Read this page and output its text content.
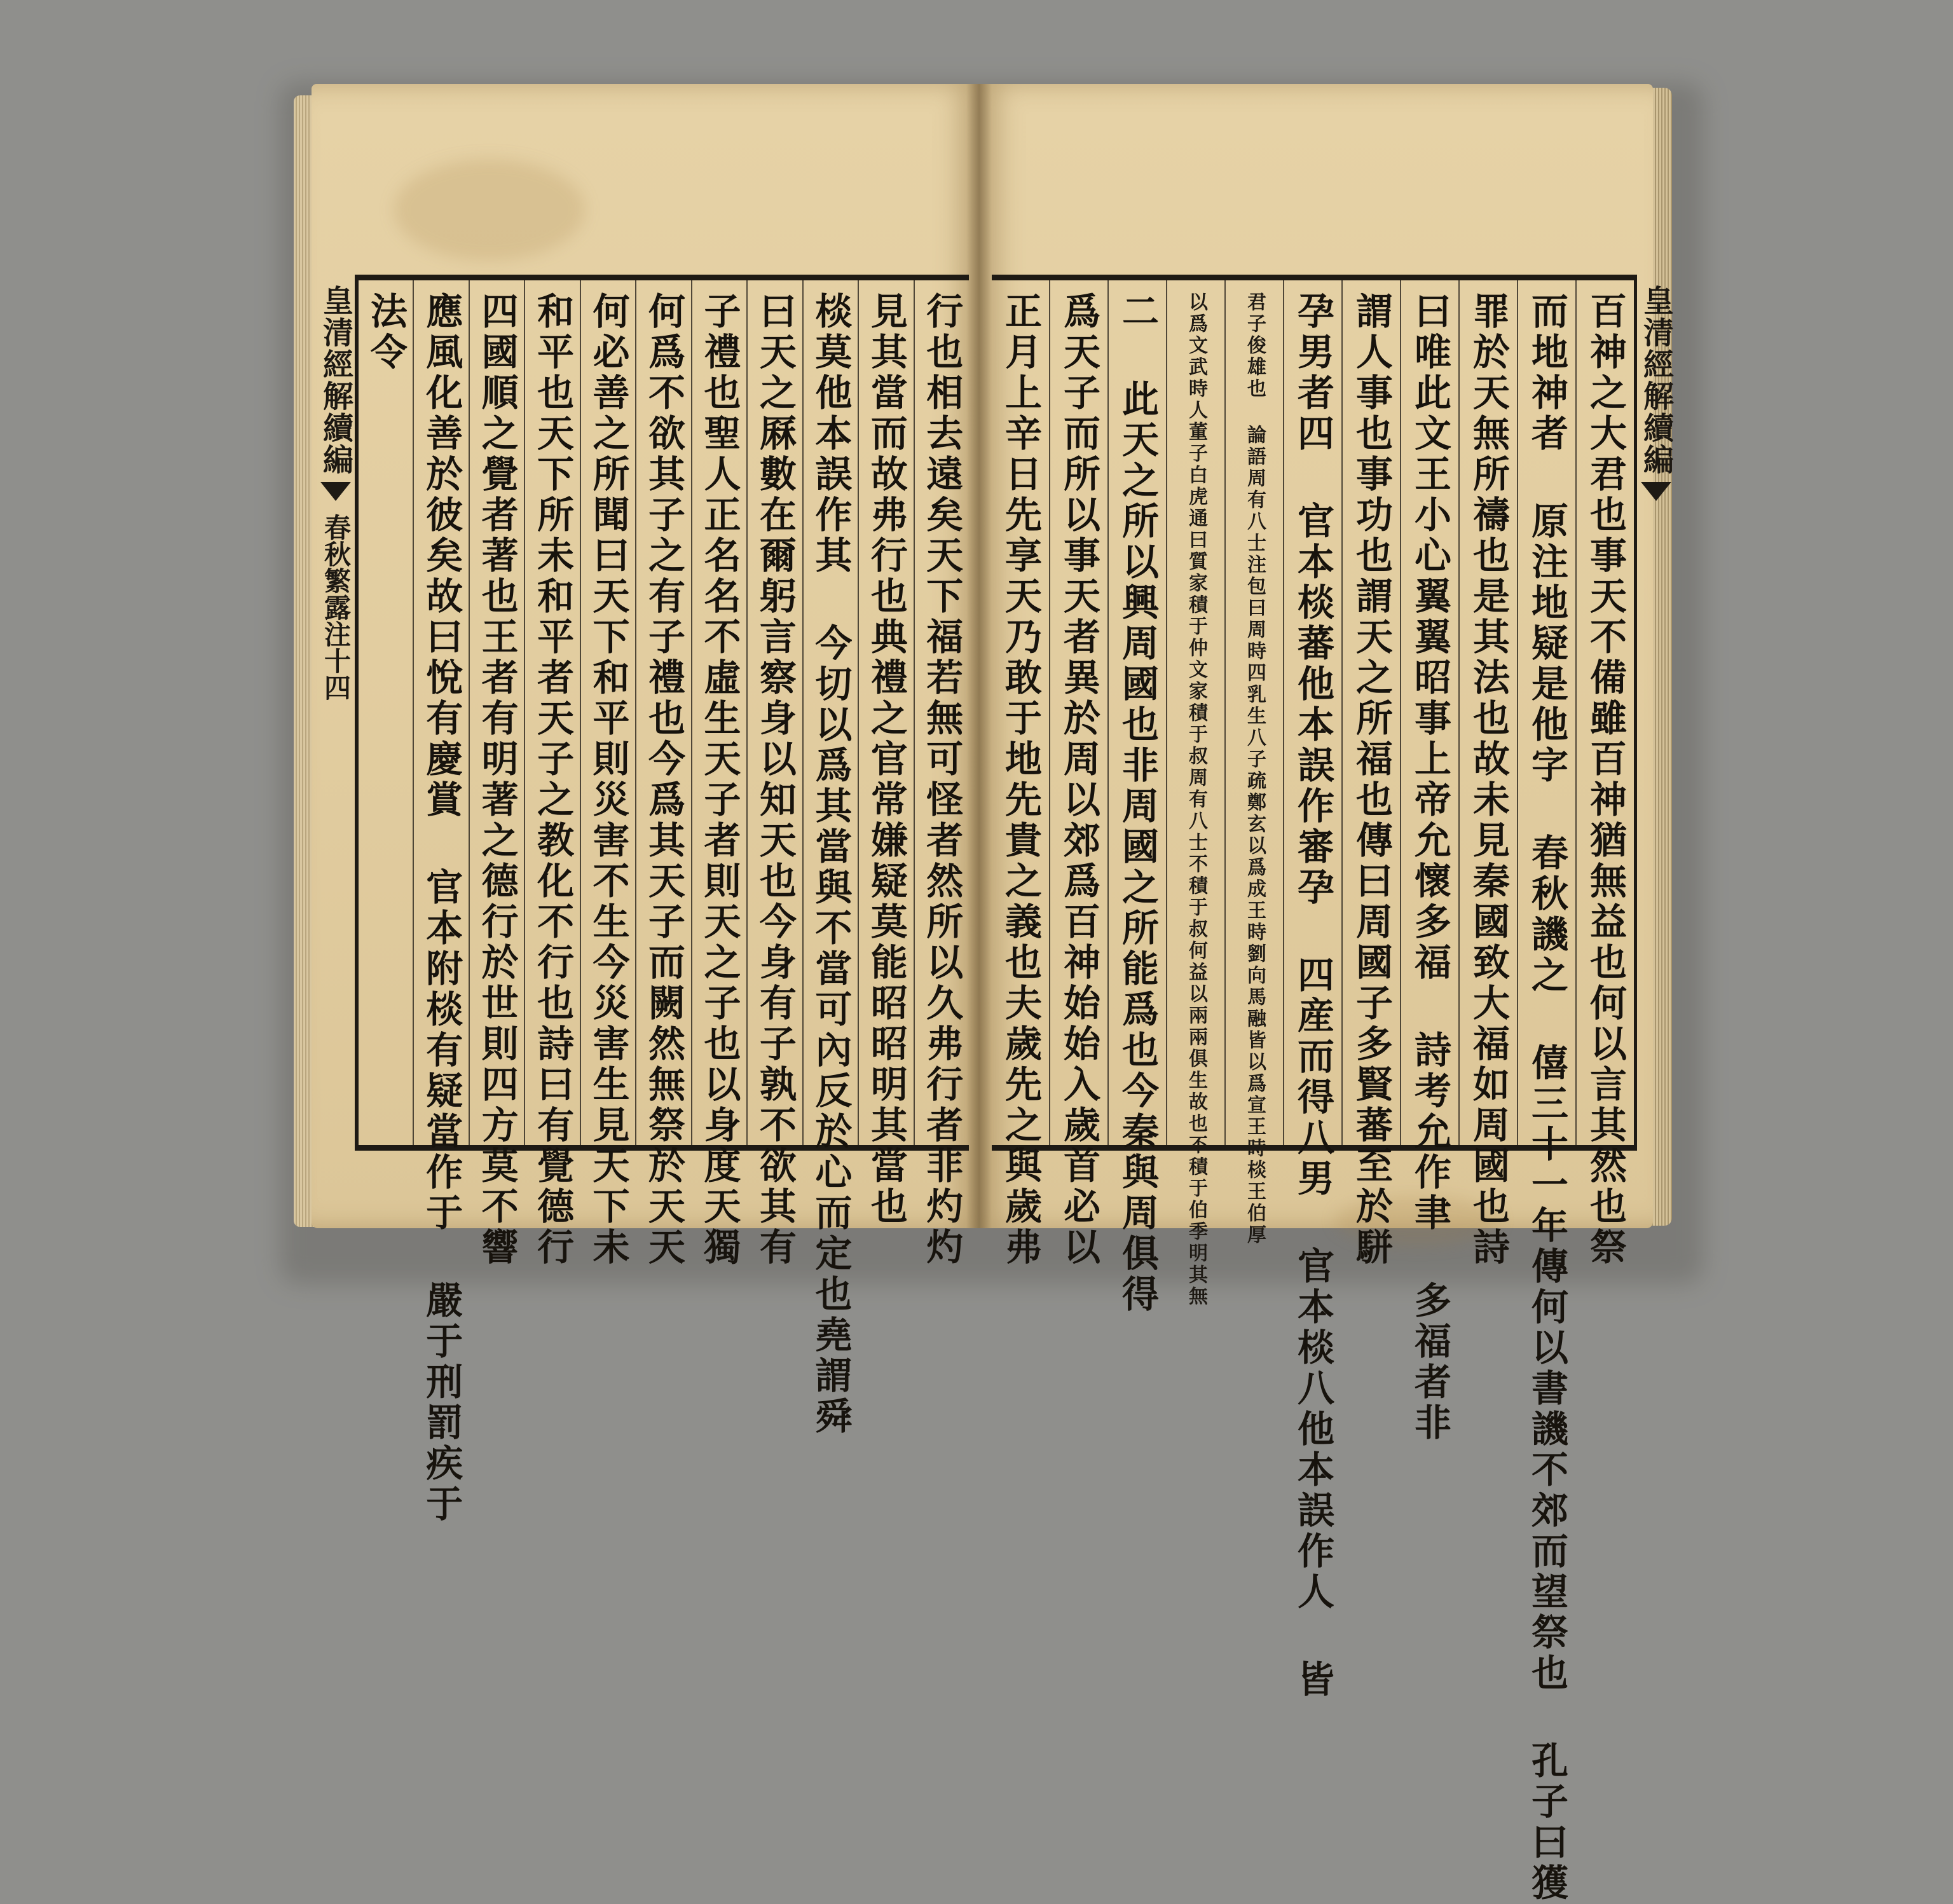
皇清經解續編
春秋繁露注十四	行也相去遠矣天下福若無可怪者然所以久弗行者非灼灼
見其當而故弗行也典禮之官常嫌疑莫能昭昭明其當也
棪莫他本誤作其 今切以爲其當與不當可內反於心而定也堯謂舜
曰天之厤數在爾躬言察身以知天也今身有子孰不欲其有
子禮也聖人正名名不虛生天子者則天之子也以身度天獨
何爲不欲其子之有子禮也今爲其天子而闕然無祭於天天
何必善之所聞曰天下和平則災害不生今災害生見天下未
和平也天下所未和平者天子之教化不行也詩曰有覺德行
四國順之覺者著也王者有明著之德行於世則四方莫不響
應風化善於彼矣故曰悅有慶賞 官本附棪有疑當作于 嚴于刑罰疾于
法令	百神之大君也事天不備雖百神猶無益也何以言其然也祭
而地神者 原注地疑是他字 春秋譏之 僖三十一年傳何以書譏不郊而望祭也 孔子曰獲
罪於天無所禱也是其法也故未見秦國致大福如周國也詩
曰唯此文王小心翼翼昭事上帝允懷多福 詩考允作聿 多福者非
謂人事也事功也謂天之所福也傳曰周國子多賢蕃至於駢
孕男者四 官本棪蕃他本誤作審孕 四産而得八男 官本棪八他本誤作人 皆
君子俊雄也 論語周有八士注包曰周時四乳生八子疏鄭玄以爲成王時劉向馬融皆以爲宣王時棪王伯厚
以爲文武時人董子白虎通曰質家積于仲文家積于叔周有八士不積于叔何益以兩兩俱生故也不積于伯季明其無
二 此天之所以興周國也非周國之所能爲也今秦與周俱得
爲天子而所以事天者異於周以郊爲百神始始入歲首必以
正月上辛日先享天乃敢于地先貴之義也夫歲先之與歲弗	皇清經解續編
